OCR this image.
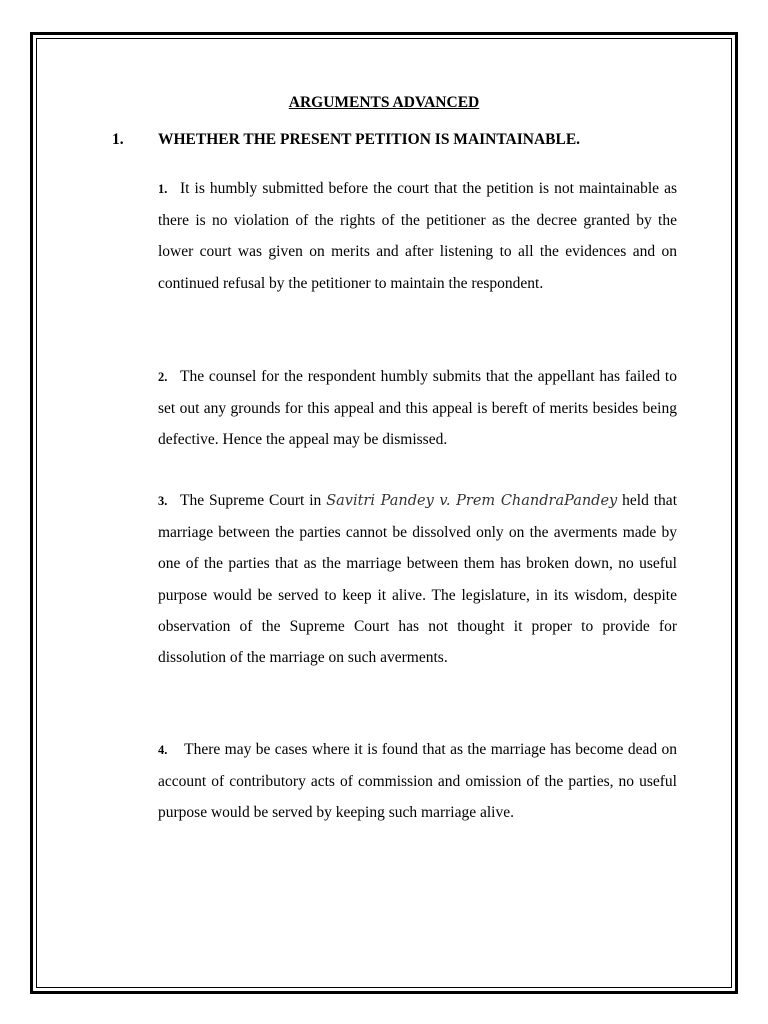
ARGUMENTS ADVANCED
1. WHETHER THE PRESENT PETITION IS MAINTAINABLE.
1. It is humbly submitted before the court that the petition is not maintainable as there is no violation of the rights of the petitioner as the decree granted by the lower court was given on merits and after listening to all the evidences and on continued refusal by the petitioner to maintain the respondent.
2. The counsel for the respondent humbly submits that the appellant has failed to set out any grounds for this appeal and this appeal is bereft of merits besides being defective. Hence the appeal may be dismissed.
3. The Supreme Court in Savitri Pandey v. Prem ChandraPandey held that marriage between the parties cannot be dissolved only on the averments made by one of the parties that as the marriage between them has broken down, no useful purpose would be served to keep it alive. The legislature, in its wisdom, despite observation of the Supreme Court has not thought it proper to provide for dissolution of the marriage on such averments.
4. There may be cases where it is found that as the marriage has become dead on account of contributory acts of commission and omission of the parties, no useful purpose would be served by keeping such marriage alive.
